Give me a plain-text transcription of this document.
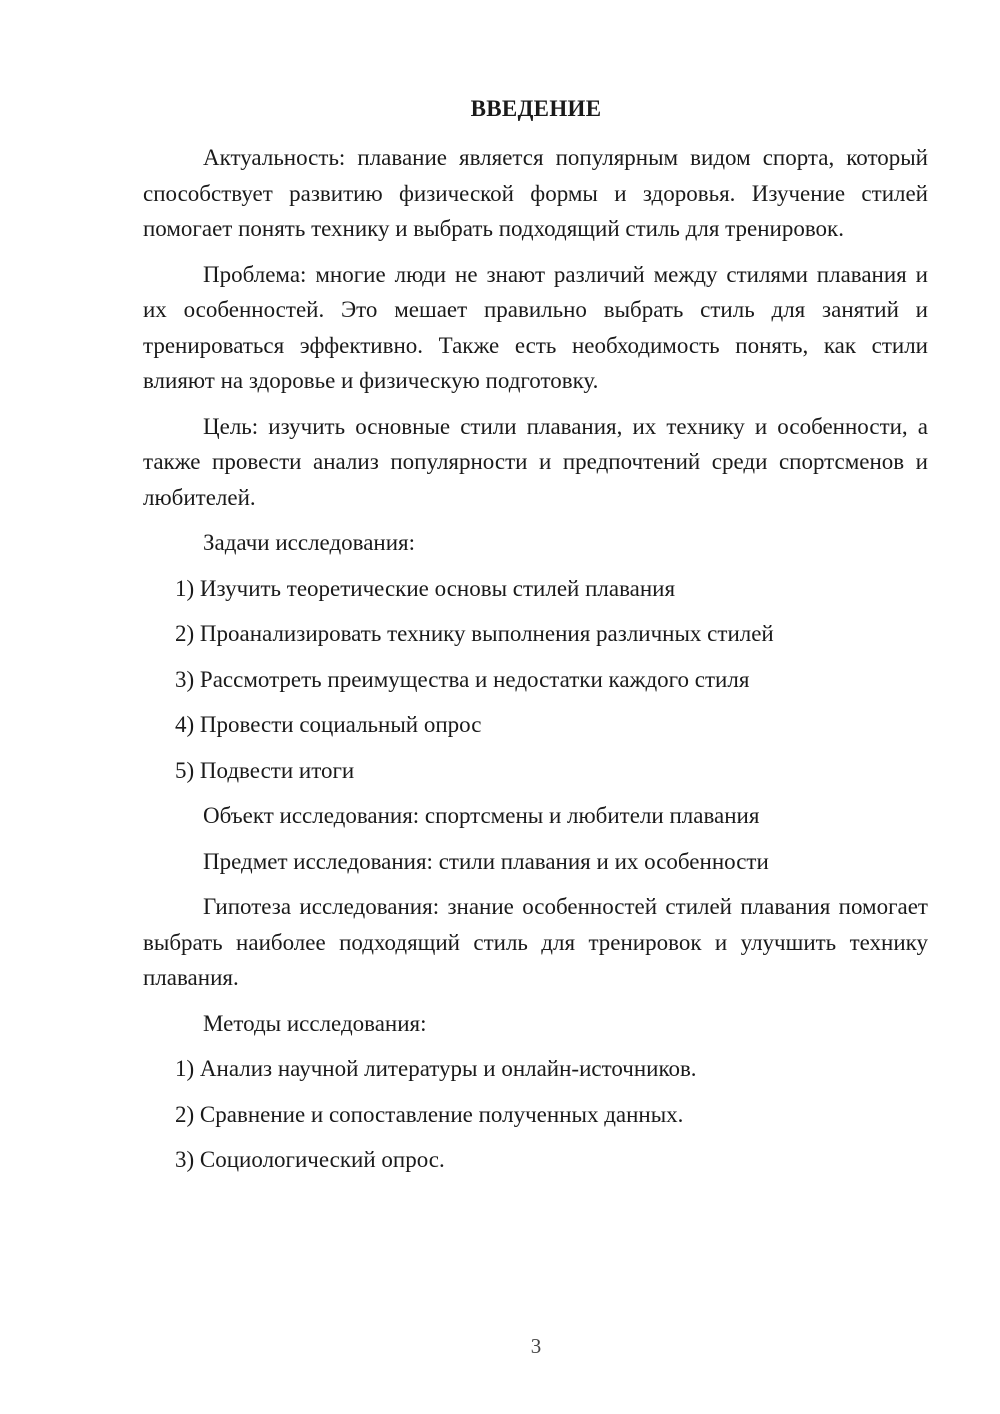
ВВЕДЕНИЕ

Актуальность: плавание является популярным видом спорта, который способствует развитию физической формы и здоровья. Изучение стилей помогает понять технику и выбрать подходящий стиль для тренировок.

Проблема: многие люди не знают различий между стилями плавания и их особенностей. Это мешает правильно выбрать стиль для занятий и тренироваться эффективно. Также есть необходимость понять, как стили влияют на здоровье и физическую подготовку.

Цель: изучить основные стили плавания, их технику и особенности, а также провести анализ популярности и предпочтений среди спортсменов и любителей.

Задачи исследования:

1) Изучить теоретические основы стилей плавания

2) Проанализировать технику выполнения различных стилей

3) Рассмотреть преимущества и недостатки каждого стиля

4) Провести социальный опрос

5) Подвести итоги

Объект исследования: спортсмены и любители плавания

Предмет исследования: стили плавания и их особенности

Гипотеза исследования: знание особенностей стилей плавания помогает выбрать наиболее подходящий стиль для тренировок и улучшить технику плавания.

Методы исследования:

1) Анализ научной литературы и онлайн-источников.

2) Сравнение и сопоставление полученных данных.

3) Социологический опрос.

3
